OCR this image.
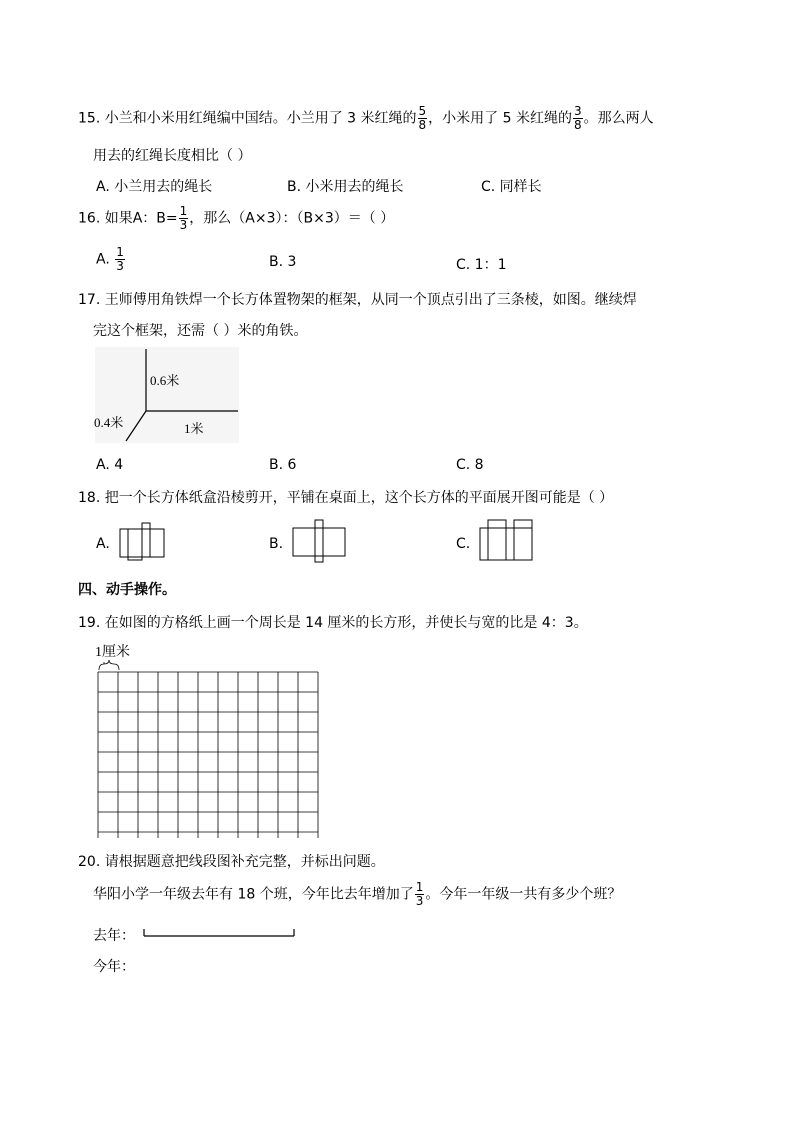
15. 小兰和小米用红绳编中国结。小兰用了 3 米红绳的 $\frac{5}{8}$ ，小米用了 5 米红绳的 $\frac{3}{8}$ 。那么两人
用去的红绳长度相比（ ）
A. 小兰用去的绳长	B. 小米用去的绳长	C. 同样长
16. 如果A：$B= \frac{1}{3}$ ，那么（A×3）：（B×3）＝（ ）
A. $\frac{1}{3}$	B. 3	C. 1：1
17. 王师傅用角铁焊一个长方体置物架的框架，从同一个顶点引出了三条棱，如图。继续焊
完这个框架，还需（ ）米的角铁。
0.6米
0.4米	1米
A. 4	B. 6	C. 8
18. 把一个长方体纸盒沿棱剪开，平铺在桌面上，这个长方体的平面展开图可能是（ ）
A.	B.	C.
四、动手操作。
19. 在如图的方格纸上画一个周长是 14 厘米的长方形，并使长与宽的比是 4：3。
1厘米
20. 请根据题意把线段图补充完整，并标出问题。
华阳小学一年级去年有 18 个班，今年比去年增加了 $\frac{1}{3}$ 。今年一年级一共有多少个班？
去年：
今年：
